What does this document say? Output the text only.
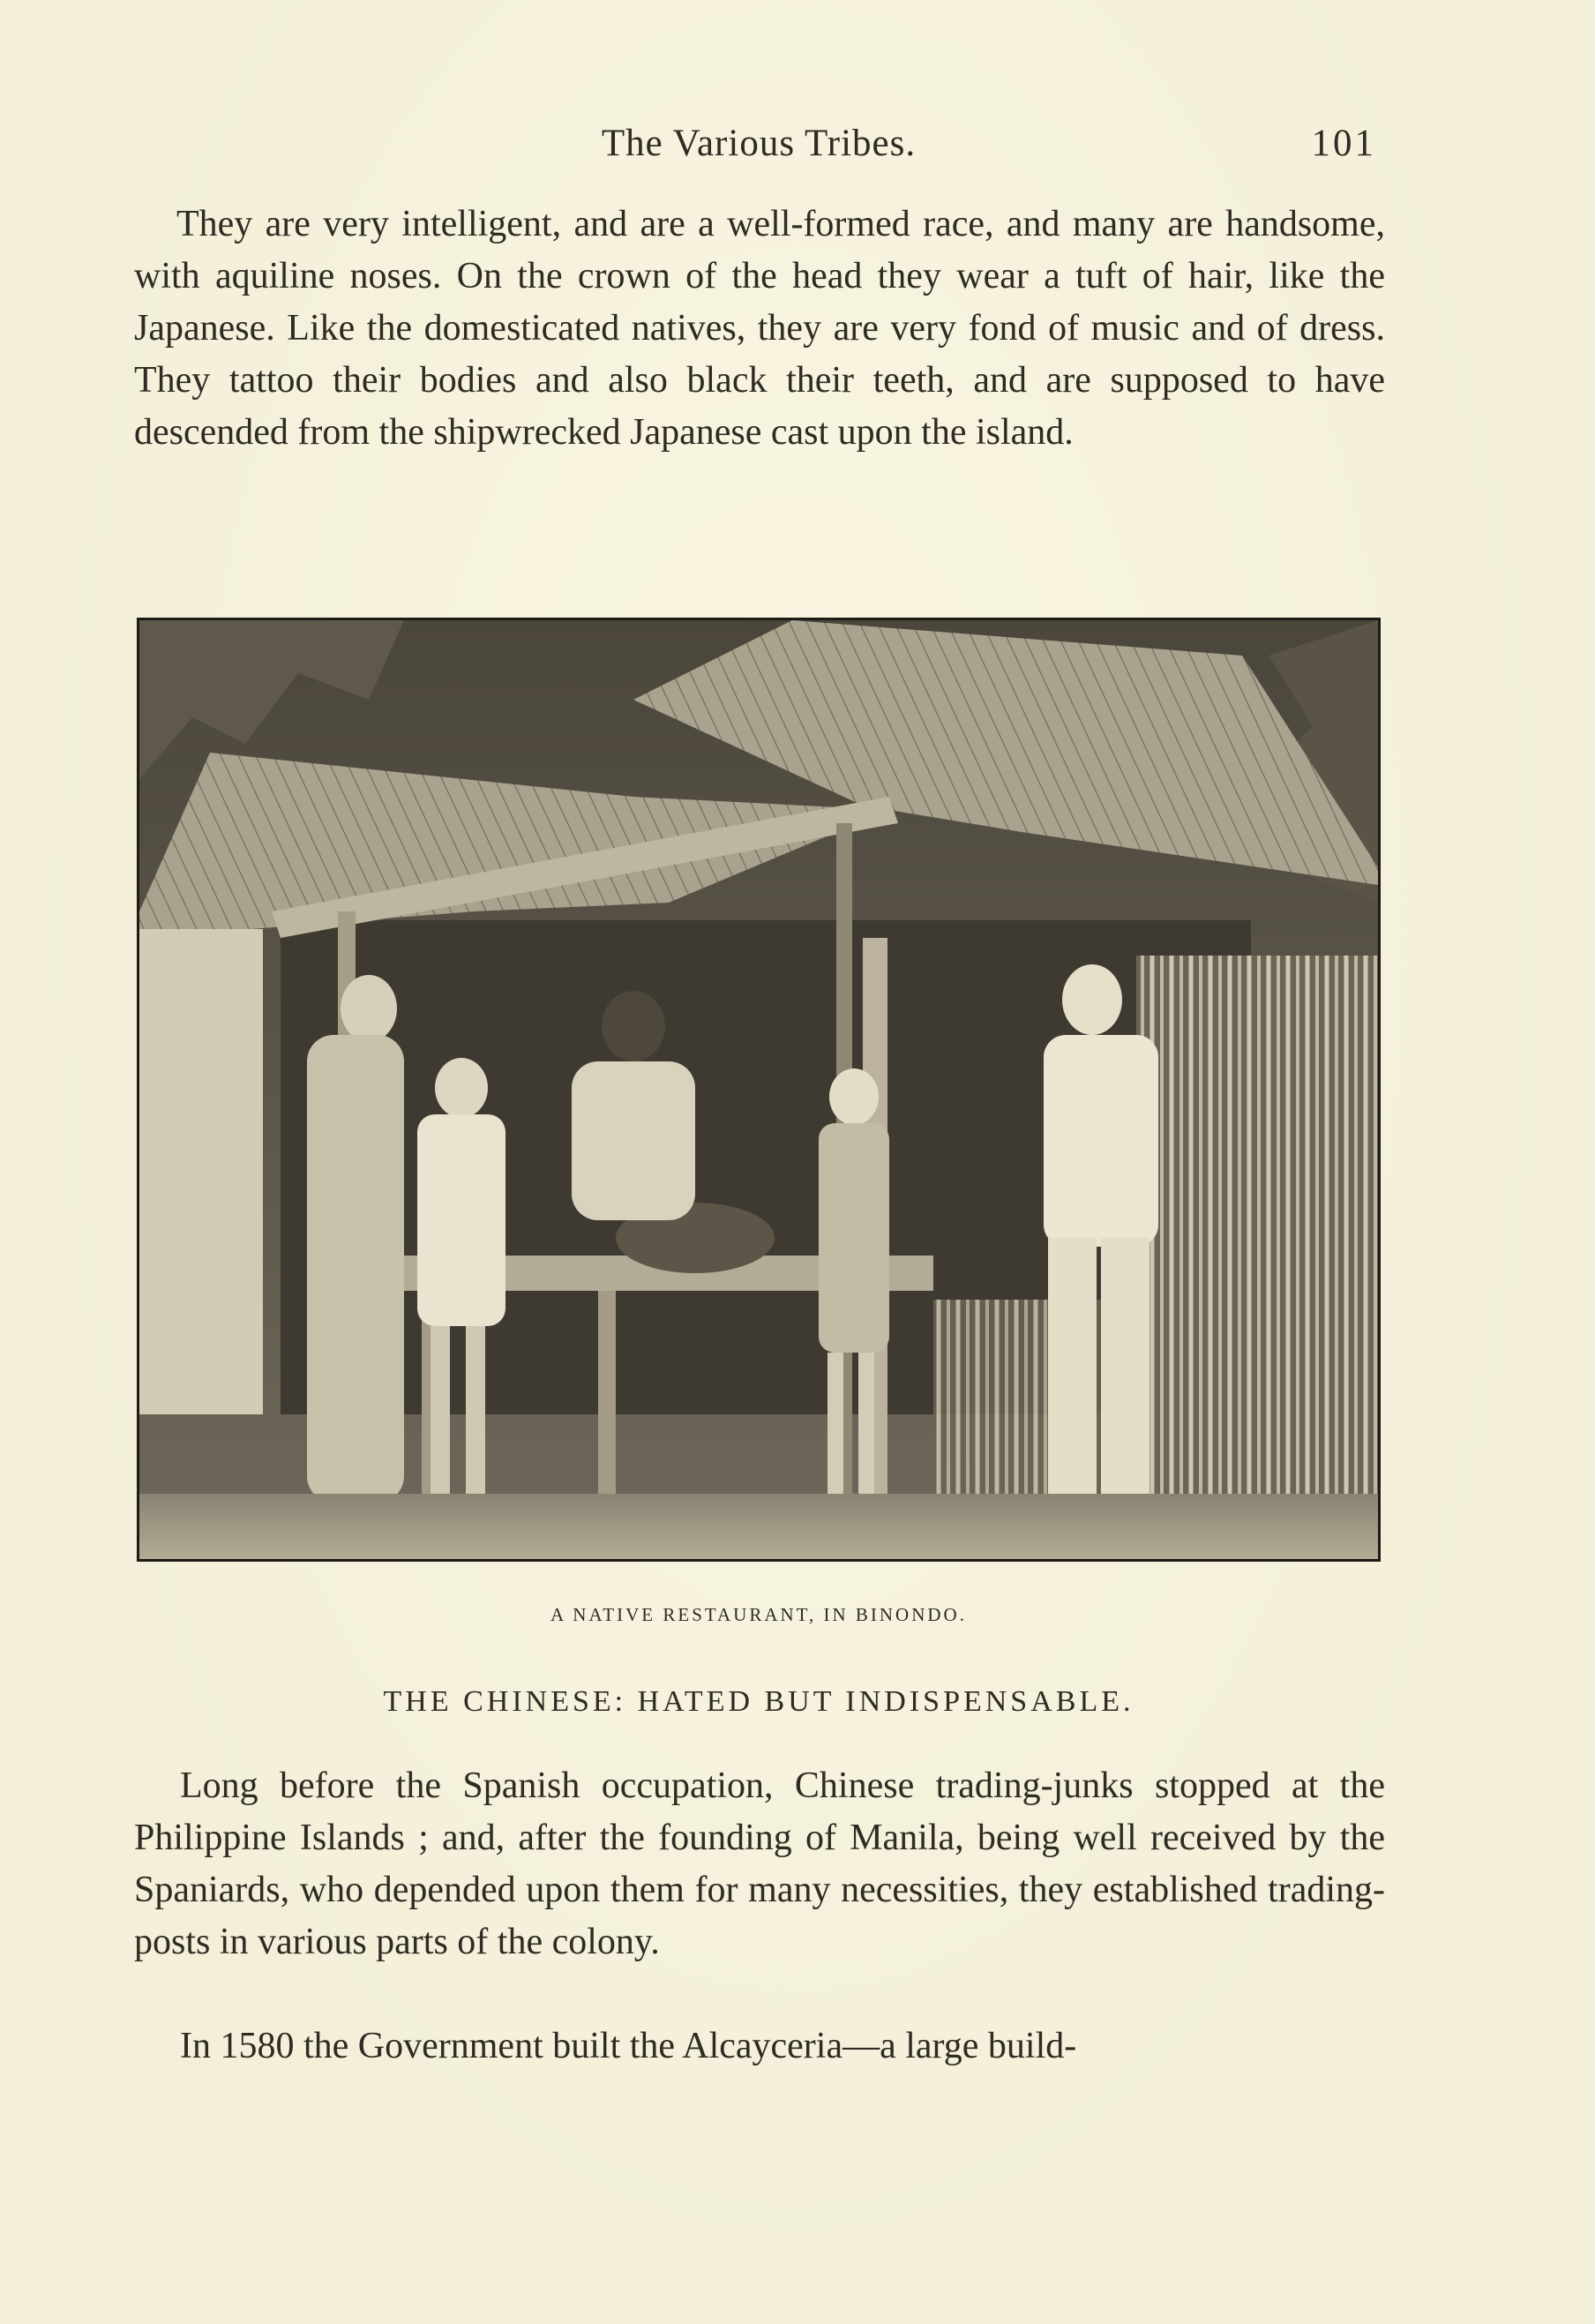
The Various Tribes.	101

They are very intelligent, and are a well-formed race, and many are handsome, with aquiline noses. On the crown of the head they wear a tuft of hair, like the Japanese. Like the domesticated natives, they are very fond of music and of dress. They tattoo their bodies and also black their teeth, and are supposed to have descended from the shipwrecked Japanese cast upon the island.

A NATIVE RESTAURANT, IN BINONDO.
THE CHINESE: HATED BUT INDISPENSABLE.

Long before the Spanish occupation, Chinese trading-junks stopped at the Philippine Islands ; and, after the founding of Manila, being well received by the Spaniards, who depended upon them for many necessities, they established trading-posts in various parts of the colony.

In 1580 the Government built the Alcayceria—a large build-
